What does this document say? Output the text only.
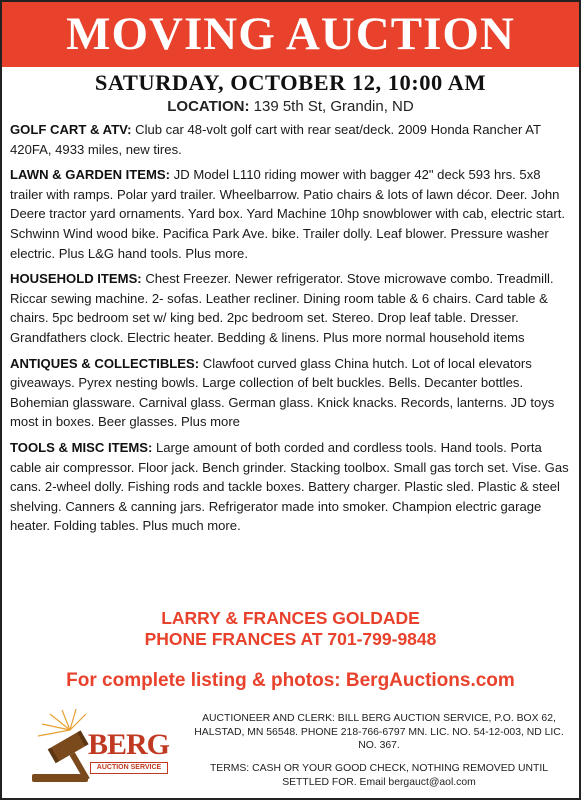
MOVING AUCTION
SATURDAY, OCTOBER 12, 10:00 AM
LOCATION: 139 5th St, Grandin, ND
GOLF CART & ATV: Club car 48-volt golf cart with rear seat/deck. 2009 Honda Rancher AT 420FA, 4933 miles, new tires.
LAWN & GARDEN ITEMS: JD Model L110 riding mower with bagger 42" deck 593 hrs. 5x8 trailer with ramps. Polar yard trailer. Wheelbarrow. Patio chairs & lots of lawn décor. Deer. John Deere tractor yard ornaments. Yard box. Yard Machine 10hp snowblower with cab, electric start. Schwinn Wind wood bike. Pacifica Park Ave. bike. Trailer dolly. Leaf blower. Pressure washer electric. Plus L&G hand tools. Plus more.
HOUSEHOLD ITEMS: Chest Freezer. Newer refrigerator. Stove microwave combo. Treadmill. Riccar sewing machine. 2- sofas. Leather recliner. Dining room table & 6 chairs. Card table & chairs. 5pc bedroom set w/ king bed. 2pc bedroom set. Stereo. Drop leaf table. Dresser. Grandfathers clock. Electric heater. Bedding & linens. Plus more normal household items
ANTIQUES & COLLECTIBLES: Clawfoot curved glass China hutch. Lot of local elevators giveaways. Pyrex nesting bowls. Large collection of belt buckles. Bells. Decanter bottles. Bohemian glassware. Carnival glass. German glass. Knick knacks. Records, lanterns. JD toys most in boxes. Beer glasses. Plus more
TOOLS & MISC ITEMS: Large amount of both corded and cordless tools. Hand tools. Porta cable air compressor. Floor jack. Bench grinder. Stacking toolbox. Small gas torch set. Vise. Gas cans. 2-wheel dolly. Fishing rods and tackle boxes. Battery charger. Plastic sled. Plastic & steel shelving. Canners & canning jars. Refrigerator made into smoker. Champion electric garage heater. Folding tables. Plus much more.
LARRY & FRANCES GOLDADE
PHONE FRANCES AT 701-799-9848
For complete listing & photos: BergAuctions.com
BERG
AUCTION SERVICE
AUCTIONEER AND CLERK: BILL BERG AUCTION SERVICE, P.O. BOX 62, HALSTAD, MN 56548. PHONE 218-766-6797 MN. LIC. NO. 54-12-003, ND LIC. NO. 367.
TERMS: CASH OR YOUR GOOD CHECK, NOTHING REMOVED UNTIL SETTLED FOR. Email bergauct@aol.com
